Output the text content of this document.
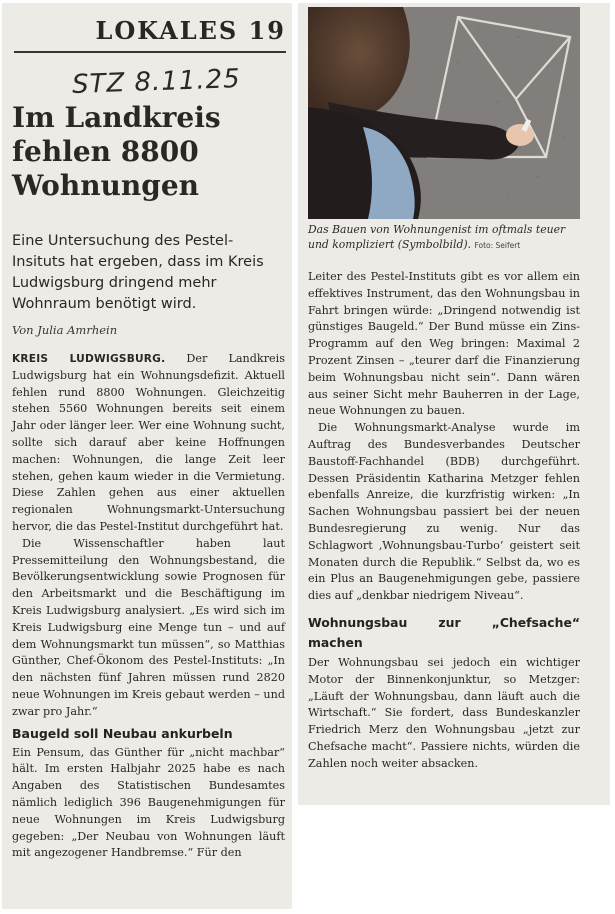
LOKALES 19
STZ 8.11.25
Im Landkreis fehlen 8800 Wohnungen

Eine Untersuchung des Pestel-Insituts hat ergeben, dass im Kreis Ludwigsburg dringend mehr Wohnraum benötigt wird.

Von Julia Amrhein

KREIS LUDWIGSBURG. Der Landkreis Ludwigsburg hat ein Wohnungsdefizit. Aktuell fehlen rund 8800 Wohnungen. Gleichzeitig stehen 5560 Wohnungen bereits seit einem Jahr oder länger leer. Wer eine Wohnung sucht, sollte sich darauf aber keine Hoffnungen machen: Wohnungen, die lange Zeit leer stehen, gehen kaum wieder in die Vermietung. Diese Zahlen gehen aus einer aktuellen regionalen Wohnungsmarkt-Untersuchung hervor, die das Pestel-Institut durchgeführt hat.

Die Wissenschaftler haben laut Pressemitteilung den Wohnungsbestand, die Bevölkerungsentwicklung sowie Prognosen für den Arbeitsmarkt und die Beschäftigung im Kreis Ludwigsburg analysiert. „Es wird sich im Kreis Ludwigsburg eine Menge tun – und auf dem Wohnungsmarkt tun müssen“, so Matthias Günther, Chef-Ökonom des Pestel-Instituts: „In den nächsten fünf Jahren müssen rund 2820 neue Wohnungen im Kreis gebaut werden – und zwar pro Jahr.“

Baugeld soll Neubau ankurbeln

Ein Pensum, das Günther für „nicht machbar“ hält. Im ersten Halbjahr 2025 habe es nach Angaben des Statistischen Bundesamtes nämlich lediglich 396 Baugenehmigungen für neue Wohnungen im Kreis Ludwigsburg gegeben: „Der Neubau von Wohnungen läuft mit angezogener Handbremse.“ Für den

Das Bauen von Wohnungenist im oftmals teuer und kompliziert (Symbolbild). Foto: Seifert

Leiter des Pestel-Instituts gibt es vor allem ein effektives Instrument, das den Wohnungsbau in Fahrt bringen würde: „Dringend notwendig ist günstiges Baugeld.“ Der Bund müsse ein Zins-Programm auf den Weg bringen: Maximal 2 Prozent Zinsen – „teurer darf die Finanzierung beim Wohnungsbau nicht sein“. Dann wären aus seiner Sicht mehr Bauherren in der Lage, neue Wohnungen zu bauen.

Die Wohnungsmarkt-Analyse wurde im Auftrag des Bundesverbandes Deutscher Baustoff-Fachhandel (BDB) durchgeführt. Dessen Präsidentin Katharina Metzger fehlen ebenfalls Anreize, die kurzfristig wirken: „In Sachen Wohnungsbau passiert bei der neuen Bundesregierung zu wenig. Nur das Schlagwort ‚Wohnungsbau-Turbo‘ geistert seit Monaten durch die Republik.“ Selbst da, wo es ein Plus an Baugenehmigungen gebe, passiere dies auf „denkbar niedrigem Niveau“.

Wohnungsbau zur „Chefsache“ machen

Der Wohnungsbau sei jedoch ein wichtiger Motor der Binnenkonjunktur, so Metzger: „Läuft der Wohnungsbau, dann läuft auch die Wirtschaft.“ Sie fordert, dass Bundeskanzler Friedrich Merz den Wohnungsbau „jetzt zur Chefsache macht“. Passiere nichts, würden die Zahlen noch weiter absacken.
